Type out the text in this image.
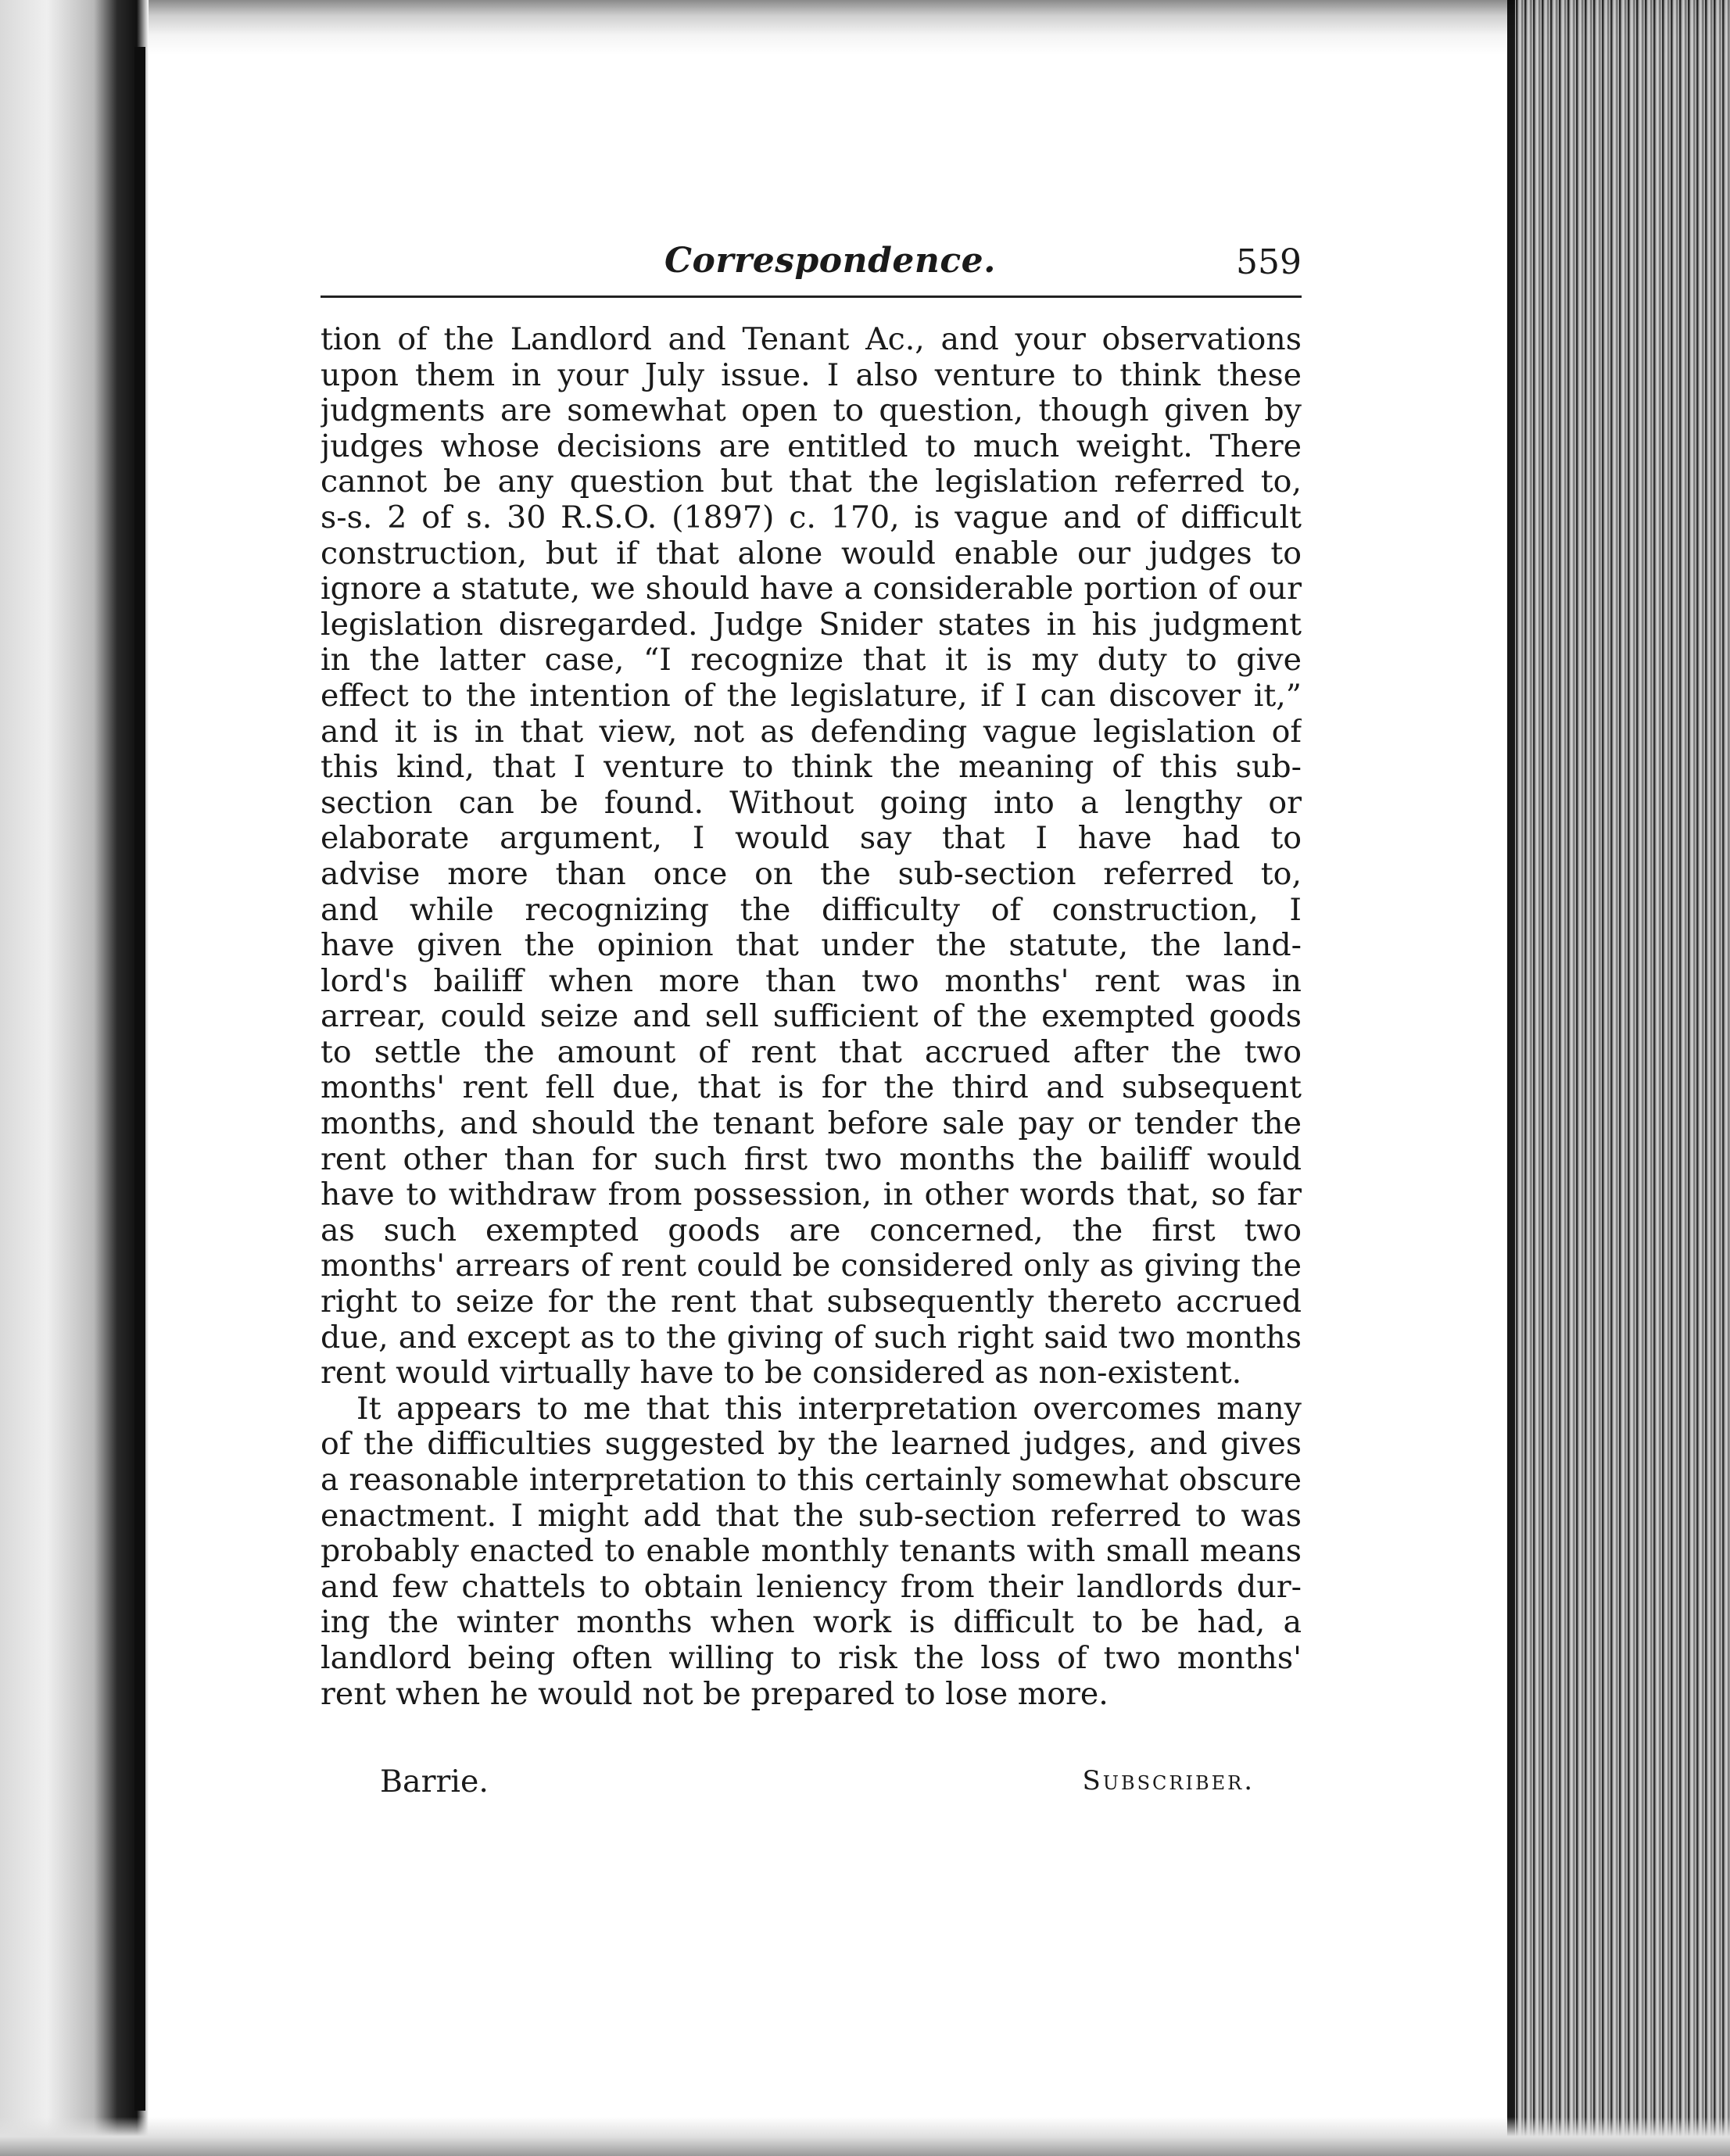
Correspondence.	559
tion of the Landlord and Tenant Ac., and your observations
upon them in your July issue. I also venture to think these
judgments are somewhat open to question, though given by
judges whose decisions are entitled to much weight. There
cannot be any question but that the legislation referred to,
s-s. 2 of s. 30 R.S.O. (1897) c. 170, is vague and of difficult
construction, but if that alone would enable our judges to
ignore a statute, we should have a considerable portion of our
legislation disregarded. Judge Snider states in his judgment
in the latter case, “I recognize that it is my duty to give
effect to the intention of the legislature, if I can discover it,”
and it is in that view, not as defending vague legislation of
this kind, that I venture to think the meaning of this sub-
section can be found. Without going into a lengthy or
elaborate argument, I would say that I have had to
advise more than once on the sub-section referred to,
and while recognizing the difficulty of construction, I
have given the opinion that under the statute, the land-
lord's bailiff when more than two months' rent was in
arrear, could seize and sell sufficient of the exempted goods
to settle the amount of rent that accrued after the two
months' rent fell due, that is for the third and subsequent
months, and should the tenant before sale pay or tender the
rent other than for such first two months the bailiff would
have to withdraw from possession, in other words that, so far
as such exempted goods are concerned, the first two
months' arrears of rent could be considered only as giving the
right to seize for the rent that subsequently thereto accrued
due, and except as to the giving of such right said two months
rent would virtually have to be considered as non-existent.
It appears to me that this interpretation overcomes many
of the difficulties suggested by the learned judges, and gives
a reasonable interpretation to this certainly somewhat obscure
enactment. I might add that the sub-section referred to was
probably enacted to enable monthly tenants with small means
and few chattels to obtain leniency from their landlords dur-
ing the winter months when work is difficult to be had, a
landlord being often willing to risk the loss of two months'
rent when he would not be prepared to lose more.
Barrie.	Subscriber.
